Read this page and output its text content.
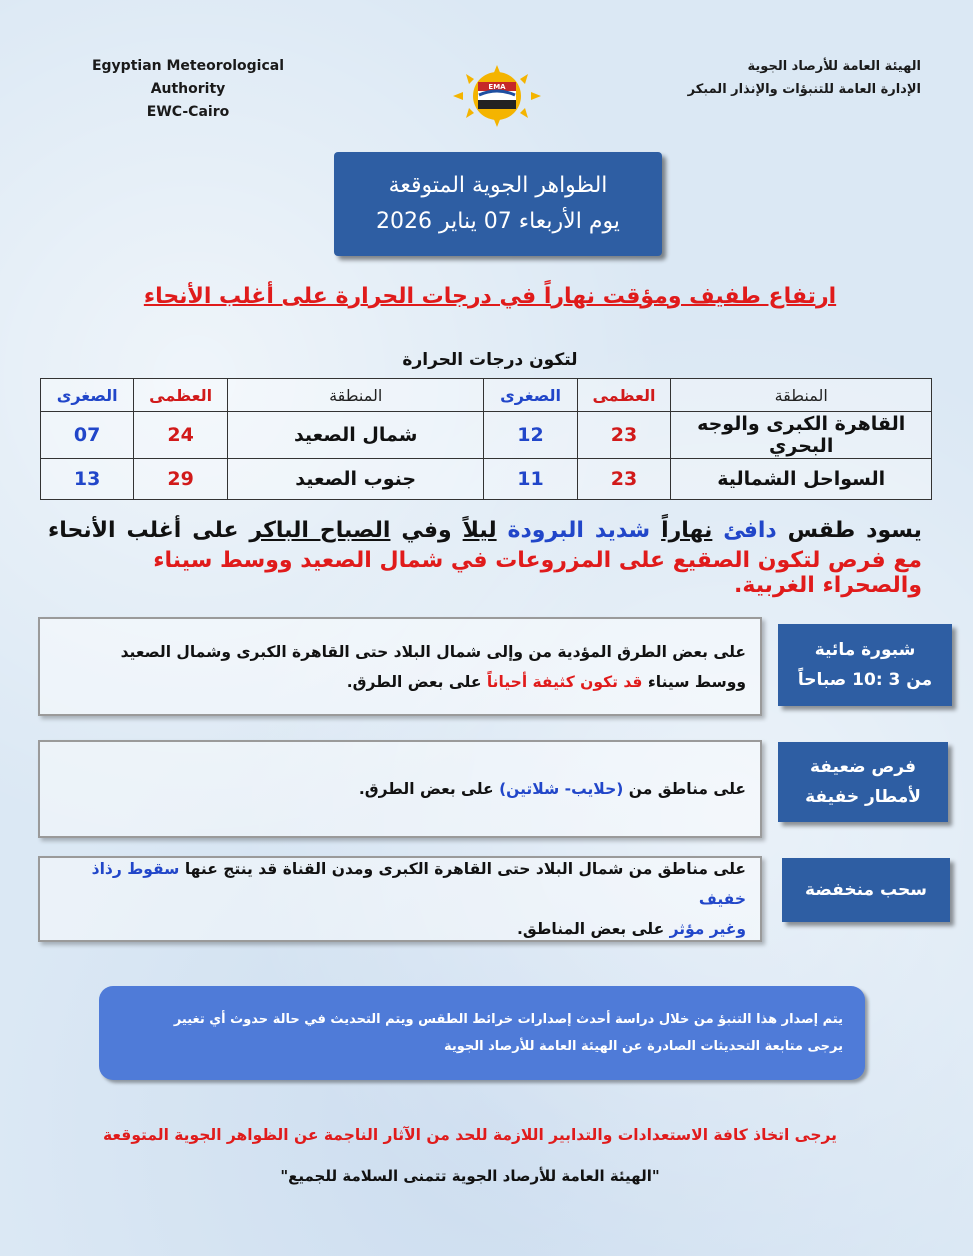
Egyptian Meteorological Authority
EWC-Cairo
الهيئة العامة للأرصاد الجوية
الإدارة العامة للتنبؤات والإنذار المبكر
EMA
الظواهر الجوية المتوقعة
يوم الأربعاء 07 يناير 2026
ارتفاع طفيف ومؤقت نهاراً في درجات الحرارة على أغلب الأنحاء
لتكون درجات الحرارة
المنطقة	العظمى	الصغرى	المنطقة	العظمى	الصغرى
القاهرة الكبرى والوجه البحري	23	12	شمال الصعيد	24	07
السواحل الشمالية	23	11	جنوب الصعيد	29	13
يسود طقس دافئ نهاراً شديد البرودة ليلاً وفي الصباح الباكر على أغلب الأنحاء
مع فرص لتكون الصقيع على المزروعات في شمال الصعيد ووسط سيناء والصحراء الغربية.
على بعض الطرق المؤدية من وإلى شمال البلاد حتى القاهرة الكبرى وشمال الصعيد
ووسط سيناء قد تكون كثيفة أحياناً على بعض الطرق.
شبورة مائية
من 3 :10 صباحاً
على مناطق من (حلايب- شلاتين) على بعض الطرق.
فرص ضعيفة
لأمطار خفيفة
على مناطق من شمال البلاد حتى القاهرة الكبرى ومدن القناة قد ينتج عنها سقوط رذاذ خفيف
وغير مؤثر على بعض المناطق.
سحب منخفضة
يتم إصدار هذا التنبؤ من خلال دراسة أحدث إصدارات خرائط الطقس ويتم التحديث في حالة حدوث أي تغيير
يرجى متابعة التحديثات الصادرة عن الهيئة العامة للأرصاد الجوية
يرجى اتخاذ كافة الاستعدادات والتدابير اللازمة للحد من الآثار الناجمة عن الظواهر الجوية المتوقعة
"الهيئة العامة للأرصاد الجوية تتمنى السلامة للجميع"
